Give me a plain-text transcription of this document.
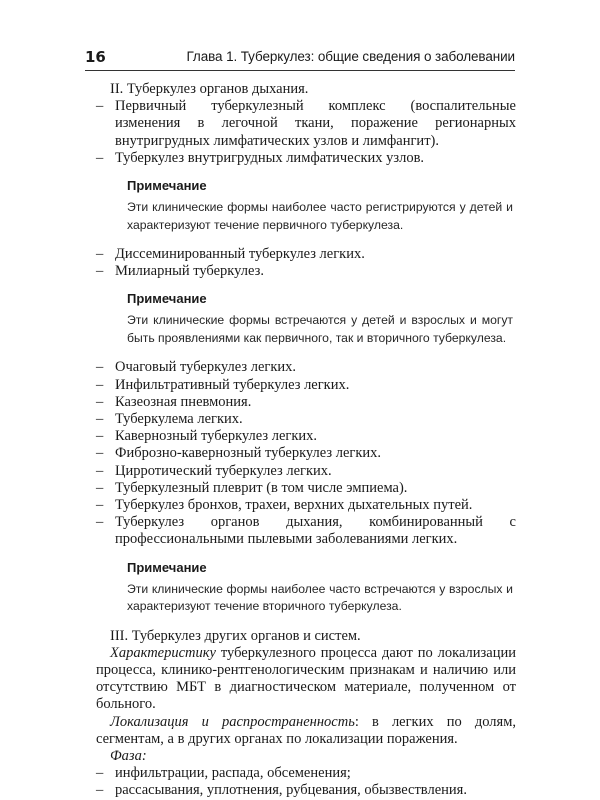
16	Глава 1. Туберкулез: общие сведения о заболевании

II. Туберкулез органов дыхания.

– Первичный туберкулезный комплекс (воспалительные изменения в легочной ткани, поражение регионарных внутригрудных лимфатических узлов и лимфангит).

– Туберкулез внутригрудных лимфатических узлов.

Примечание
Эти клинические формы наиболее часто регистрируются у детей и характеризуют течение первичного туберкулеза.

– Диссеминированный туберкулез легких.

– Милиарный туберкулез.

Примечание
Эти клинические формы встречаются у детей и взрослых и могут быть проявлениями как первичного, так и вторичного туберкулеза.

– Очаговый туберкулез легких.

– Инфильтративный туберкулез легких.

– Казеозная пневмония.

– Туберкулема легких.

– Кавернозный туберкулез легких.

– Фиброзно-кавернозный туберкулез легких.

– Цирротический туберкулез легких.

– Туберкулезный плеврит (в том числе эмпиема).

– Туберкулез бронхов, трахеи, верхних дыхательных путей.

– Туберкулез органов дыхания, комбинированный с профессиональными пылевыми заболеваниями легких.

Примечание
Эти клинические формы наиболее часто встречаются у взрослых и характеризуют течение вторичного туберкулеза.

III. Туберкулез других органов и систем.

Характеристику туберкулезного процесса дают по локализации процесса, клинико-рентгенологическим признакам и наличию или отсутствию МБТ в диагностическом материале, полученном от больного.

Локализация и распространенность: в легких по долям, сегментам, а в других органах по локализации поражения.

Фаза:

– инфильтрации, распада, обсеменения;

– рассасывания, уплотнения, рубцевания, обызвествления.
